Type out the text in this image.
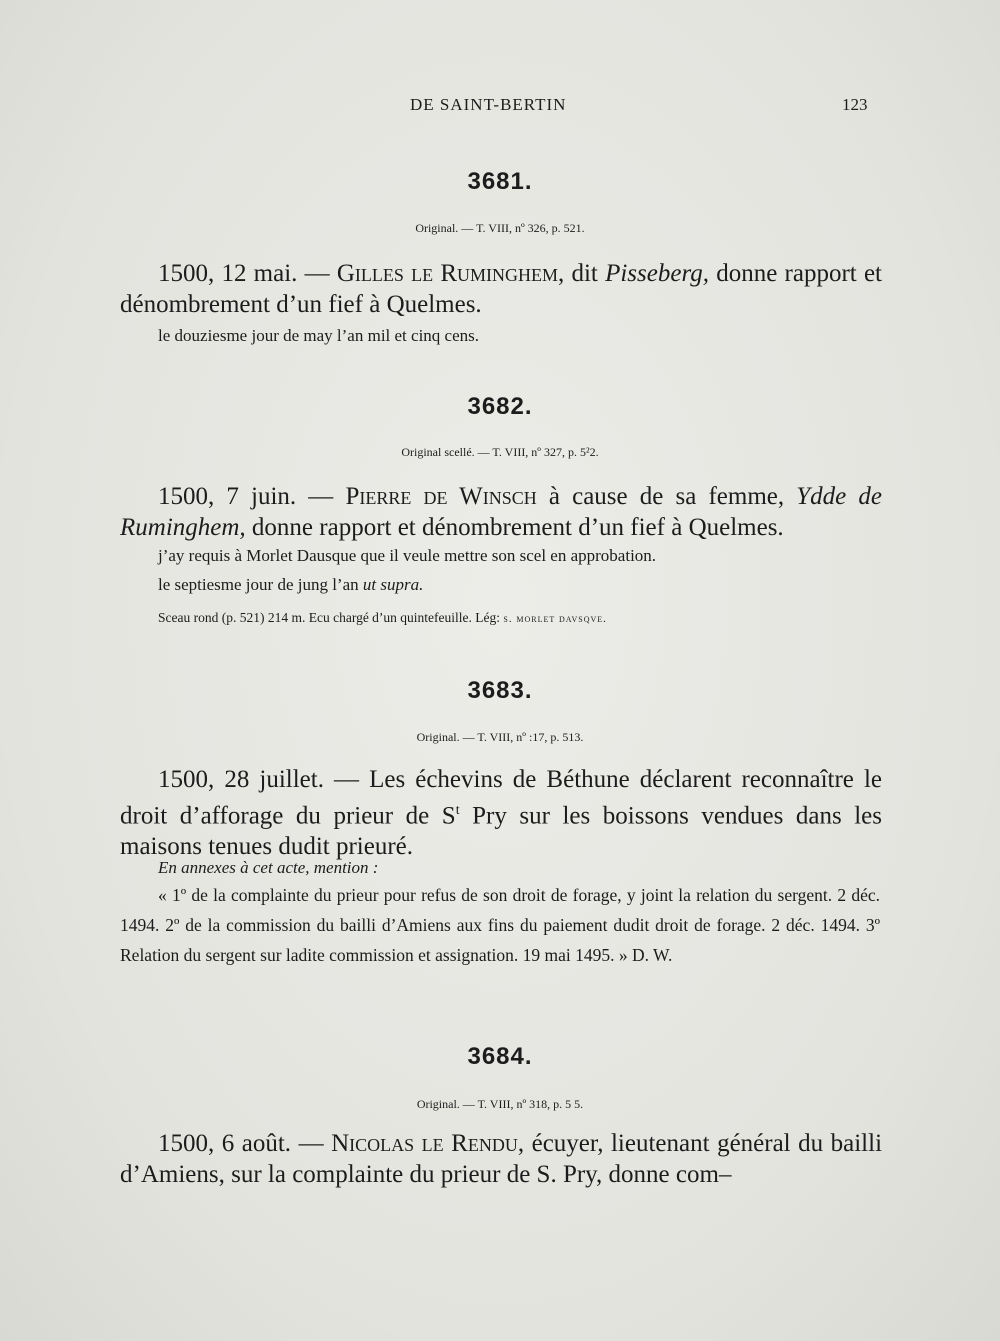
DE SAINT-BERTIN	123
3681.
Original. — T. VIII, nº 326, p. 521.
1500, 12 mai. — Gilles le Ruminghem, dit Pisseberg, donne rapport et dénombrement d’un fief à Quelmes.
le douziesme jour de may l’an mil et cinq cens.
3682.
Original scellé. — T. VIII, nº 327, p. 5²2.
1500, 7 juin. — Pierre de Winsch à cause de sa femme, Ydde de Ruminghem, donne rapport et dénombrement d’un fief à Quelmes.
j’ay requis à Morlet Dausque que il veule mettre son scel en approbation.
le septiesme jour de jung l’an ut supra.
Sceau rond (p. 521) 214 m. Ecu chargé d’un quintefeuille. Lég: s. morlet davsqve.
3683.
Original. — T. VIII, nº :17, p. 513.
1500, 28 juillet. — Les échevins de Béthune déclarent reconnaître le droit d’afforage du prieur de $S^t$ Pry sur les boissons vendues dans les maisons tenues dudit prieuré.
En annexes à cet acte, mention :
« 1º de la complainte du prieur pour refus de son droit de forage, y joint la relation du sergent. 2 déc. 1494. 2º de la commission du bailli d’Amiens aux fins du paiement dudit droit de forage. 2 déc. 1494. 3º Relation du sergent sur ladite commission et assignation. 19 mai 1495. » D. W.
3684.
Original. — T. VIII, nº 318, p. 5 5.
1500, 6 août. — Nicolas le Rendu, écuyer, lieutenant général du bailli d’Amiens, sur la complainte du prieur de S. Pry, donne com–
